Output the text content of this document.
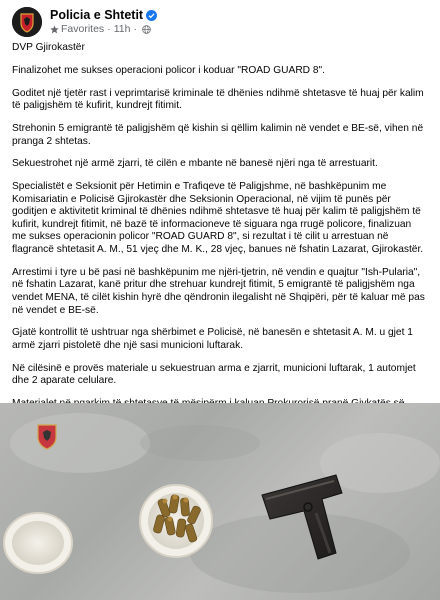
Policia e Shtetit
Favorites · 11h ·

DVP Gjirokastër

Finalizohet me sukses operacioni policor i koduar "ROAD GUARD 8".

Goditet një tjetër rast i veprimtarisë kriminale të dhënies ndihmë shtetasve të huaj për kalim të paligjshëm të kufirit, kundrejt fitimit.

Strehonin 5 emigrantë të paligjshëm që kishin si qëllim kalimin në vendet e BE-së, vihen në pranga 2 shtetas.

Sekuestrohet një armë zjarri, të cilën e mbante në banesë njëri nga të arrestuarit.

Specialistët e Seksionit për Hetimin e Trafiqeve të Paligjshme, në bashkëpunim me Komisariatin e Policisë Gjirokastër dhe Seksionin Operacional, në vijim të punës për goditjen e aktivitetit kriminal të dhënies ndihmë shtetasve të huaj për kalim të paligjshëm të kufirit, kundrejt fitimit, në bazë të informacioneve të siguara nga rrugë policore, finalizuan me sukses operacionin policor "ROAD GUARD 8", si rezultat i të cilit u arrestuan në flagrancë shtetasit A. M., 51 vjeç dhe M. K., 28 vjeç, banues në fshatin Lazarat, Gjirokastër.

Arrestimi i tyre u bë pasi në bashkëpunim me njëri-tjetrin, në vendin e quajtur "Ish-Pularia", në fshatin Lazarat, kanë pritur dhe strehuar kundrejt fitimit, 5 emigrantë të paligjshëm nga vendet MENA, të cilët kishin hyrë dhe qëndronin ilegalisht në Shqipëri, për të kaluar më pas në vendet e BE-së.

Gjatë kontrollit të ushtruar nga shërbimet e Policisë, në banesën e shtetasit A. M. u gjet 1 armë zjarri pistoletë dhe një sasi municioni luftarak.

Në cilësinë e provës materiale u sekuestruan arma e zjarrit, municioni luftarak, 1 automjet dhe 2 aparate celulare.
